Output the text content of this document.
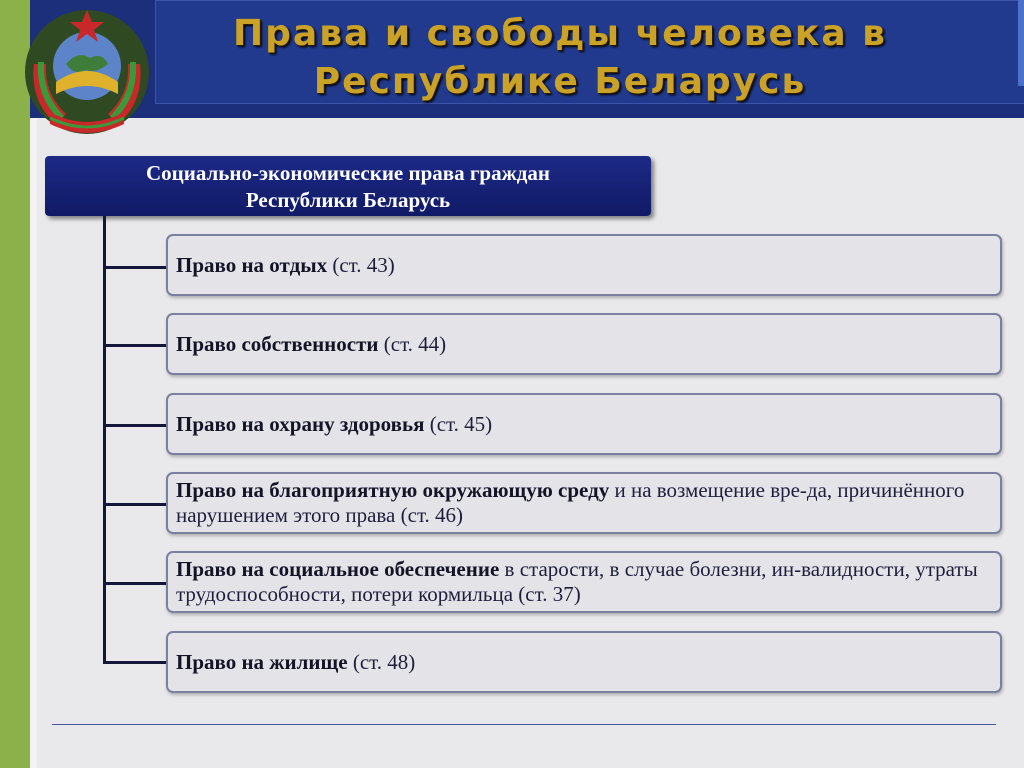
Права и свободы человека в
Республике Беларусь
Социально-экономические права граждан
Республики Беларусь
Право на отдых (ст. 43)
Право собственности (ст. 44)
Право на охрану здоровья (ст. 45)
Право на благоприятную окружающую среду и на возмещение вре-да, причинённого нарушением этого права (ст. 46)
Право на социальное обеспечение в старости, в случае болезни, ин-валидности, утраты трудоспособности, потери кормильца (ст. 37)
Право на жилище (ст. 48)
